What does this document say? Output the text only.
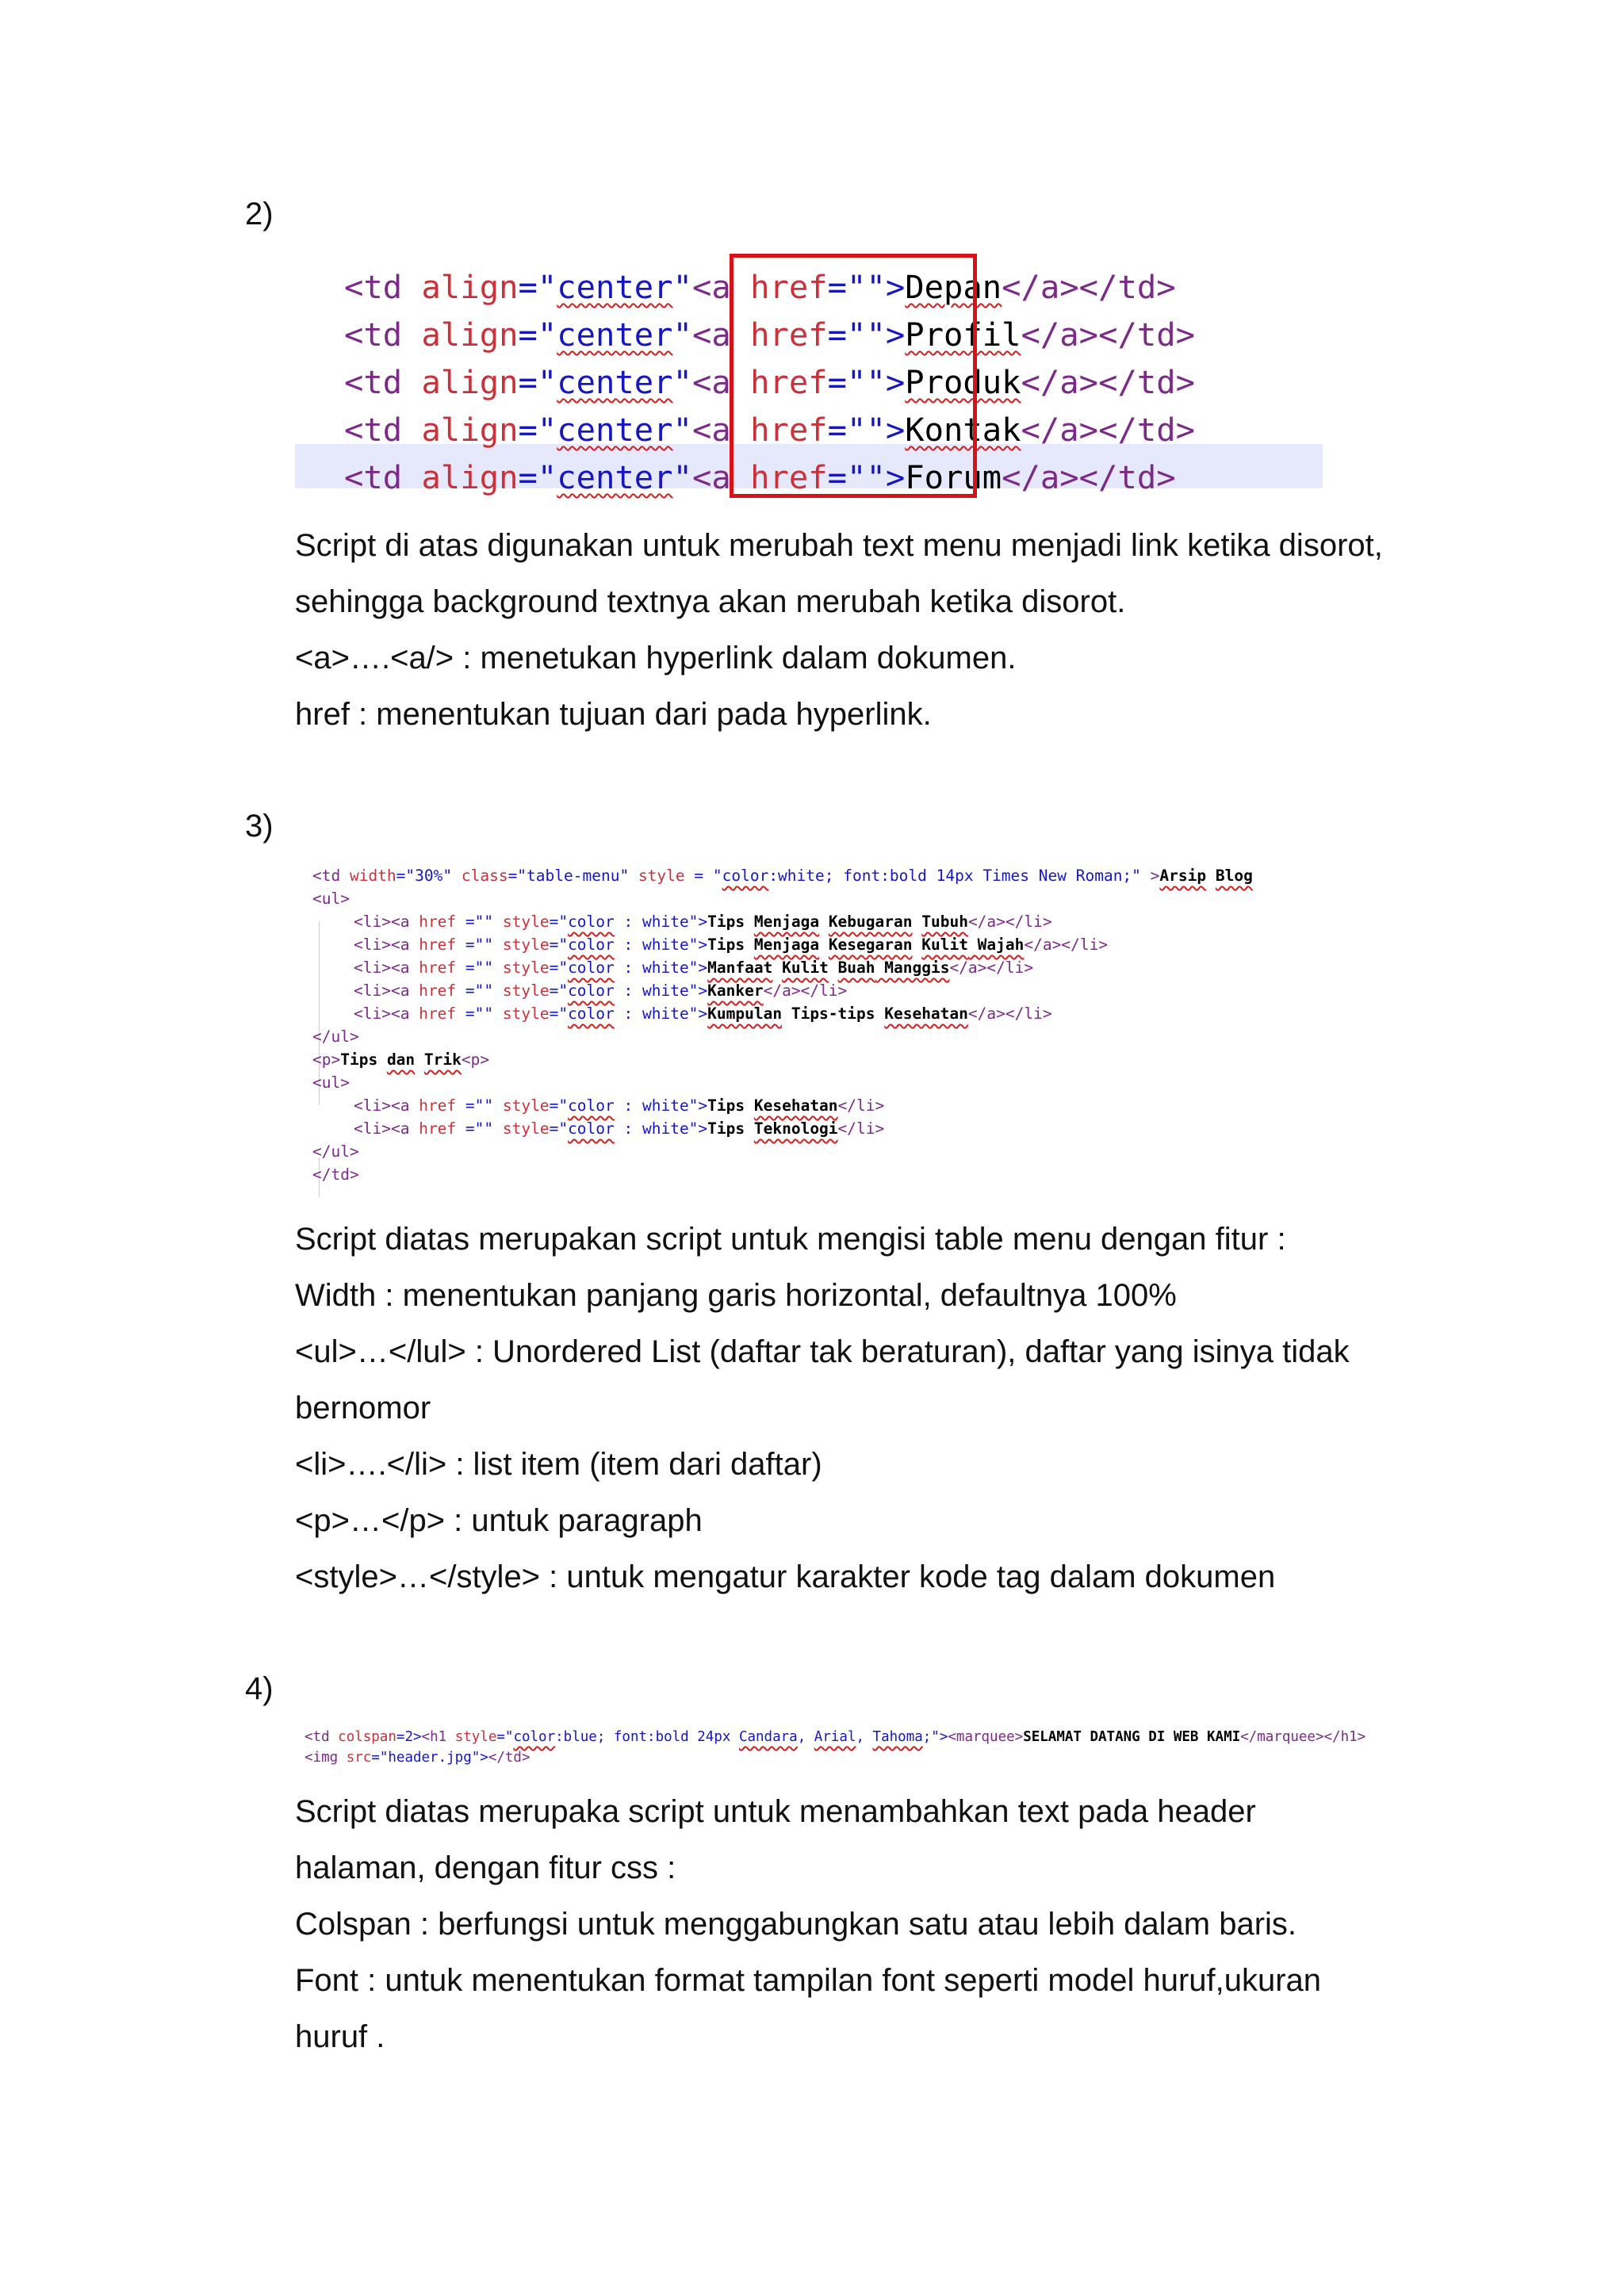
2)
<td align="center"<a href="">Depan</a></td>
<td align="center"<a href="">Profil</a></td>
<td align="center"<a href="">Produk</a></td>
<td align="center"<a href="">Kontak</a></td>
<td align="center"<a href="">Forum</a></td>
Script di atas digunakan untuk merubah text menu menjadi link ketika disorot,
sehingga background textnya akan merubah ketika disorot.
<a>….<a/> : menetukan hyperlink dalam dokumen.
href : menentukan tujuan dari pada hyperlink.
3)
<td width="30%" class="table-menu" style = "color:white; font:bold 14px Times New Roman;" >Arsip Blog
<ul>
<li><a href ="" style="color : white">Tips Menjaga Kebugaran Tubuh</a></li>
<li><a href ="" style="color : white">Tips Menjaga Kesegaran Kulit Wajah</a></li>
<li><a href ="" style="color : white">Manfaat Kulit Buah Manggis</a></li>
<li><a href ="" style="color : white">Kanker</a></li>
<li><a href ="" style="color : white">Kumpulan Tips-tips Kesehatan</a></li>
</ul>
<p>Tips dan Trik<p>
<ul>
<li><a href ="" style="color : white">Tips Kesehatan</li>
<li><a href ="" style="color : white">Tips Teknologi</li>
</ul>
</td>
Script diatas merupakan script untuk mengisi table menu dengan fitur :
Width : menentukan panjang garis horizontal, defaultnya 100%
<ul>…</lul> : Unordered List (daftar tak beraturan), daftar yang isinya tidak
bernomor
<li>….</li> : list item (item dari daftar)
<p>…</p> : untuk paragraph
<style>…</style> : untuk mengatur karakter kode tag dalam dokumen
4)
<td colspan=2><h1 style="color:blue; font:bold 24px Candara, Arial, Tahoma;"><marquee>SELAMAT DATANG DI WEB KAMI</marquee></h1>
<img src="header.jpg"></td>
Script diatas merupaka script untuk menambahkan text pada header
halaman, dengan fitur css :
Colspan : berfungsi untuk menggabungkan satu atau lebih dalam baris.
Font : untuk menentukan format tampilan font seperti model huruf,ukuran
huruf .
